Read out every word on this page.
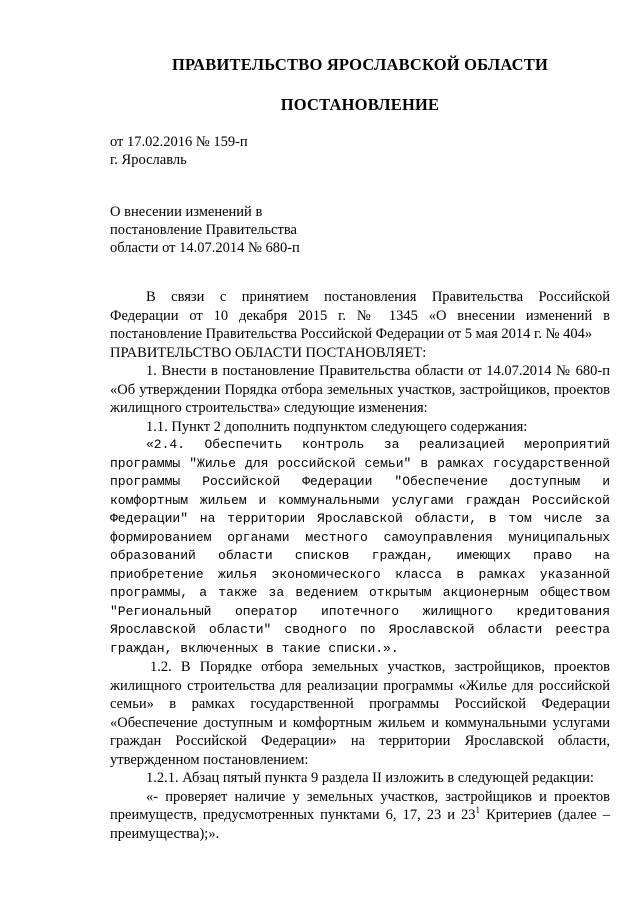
ПРАВИТЕЛЬСТВО ЯРОСЛАВСКОЙ ОБЛАСТИ
ПОСТАНОВЛЕНИЕ
от 17.02.2016 № 159-п
г. Ярославль
О внесении изменений в
постановление Правительства
области от 14.07.2014 № 680-п

В связи с принятием постановления Правительства Российской Федерации от 10 декабря 2015 г. № 1345 «О внесении изменений в постановление Правительства Российской Федерации от 5 мая 2014 г. № 404»

ПРАВИТЕЛЬСТВО ОБЛАСТИ ПОСТАНОВЛЯЕТ:

1. Внести в постановление Правительства области от 14.07.2014 № 680-п «Об утверждении Порядка отбора земельных участков, застройщиков, проектов жилищного строительства» следующие изменения:

1.1. Пункт 2 дополнить подпунктом следующего содержания:

«2.4. Обеспечить контроль за реализацией мероприятий программы "Жилье для российской семьи" в рамках государственной программы Российской Федерации "Обеспечение доступным и комфортным жильем и коммунальными услугами граждан Российской Федерации" на территории Ярославской области, в том числе за формированием органами местного самоуправления муниципальных образований области списков граждан, имеющих право на приобретение жилья экономического класса в рамках указанной программы, а также за ведением открытым акционерным обществом "Региональный оператор ипотечного жилищного кредитования Ярославской области" сводного по Ярославской области реестра граждан, включенных в такие списки.».

1.2. В Порядке отбора земельных участков, застройщиков, проектов жилищного строительства для реализации программы «Жилье для российской семьи» в рамках государственной программы Российской Федерации «Обеспечение доступным и комфортным жильем и коммунальными услугами граждан Российской Федерации» на территории Ярославской области, утвержденном постановлением:

1.2.1. Абзац пятый пункта 9 раздела II изложить в следующей редакции:

«- проверяет наличие у земельных участков, застройщиков и проектов преимуществ, предусмотренных пунктами 6, 17, 23 и $23^1$ Критериев (далее – преимущества);».
